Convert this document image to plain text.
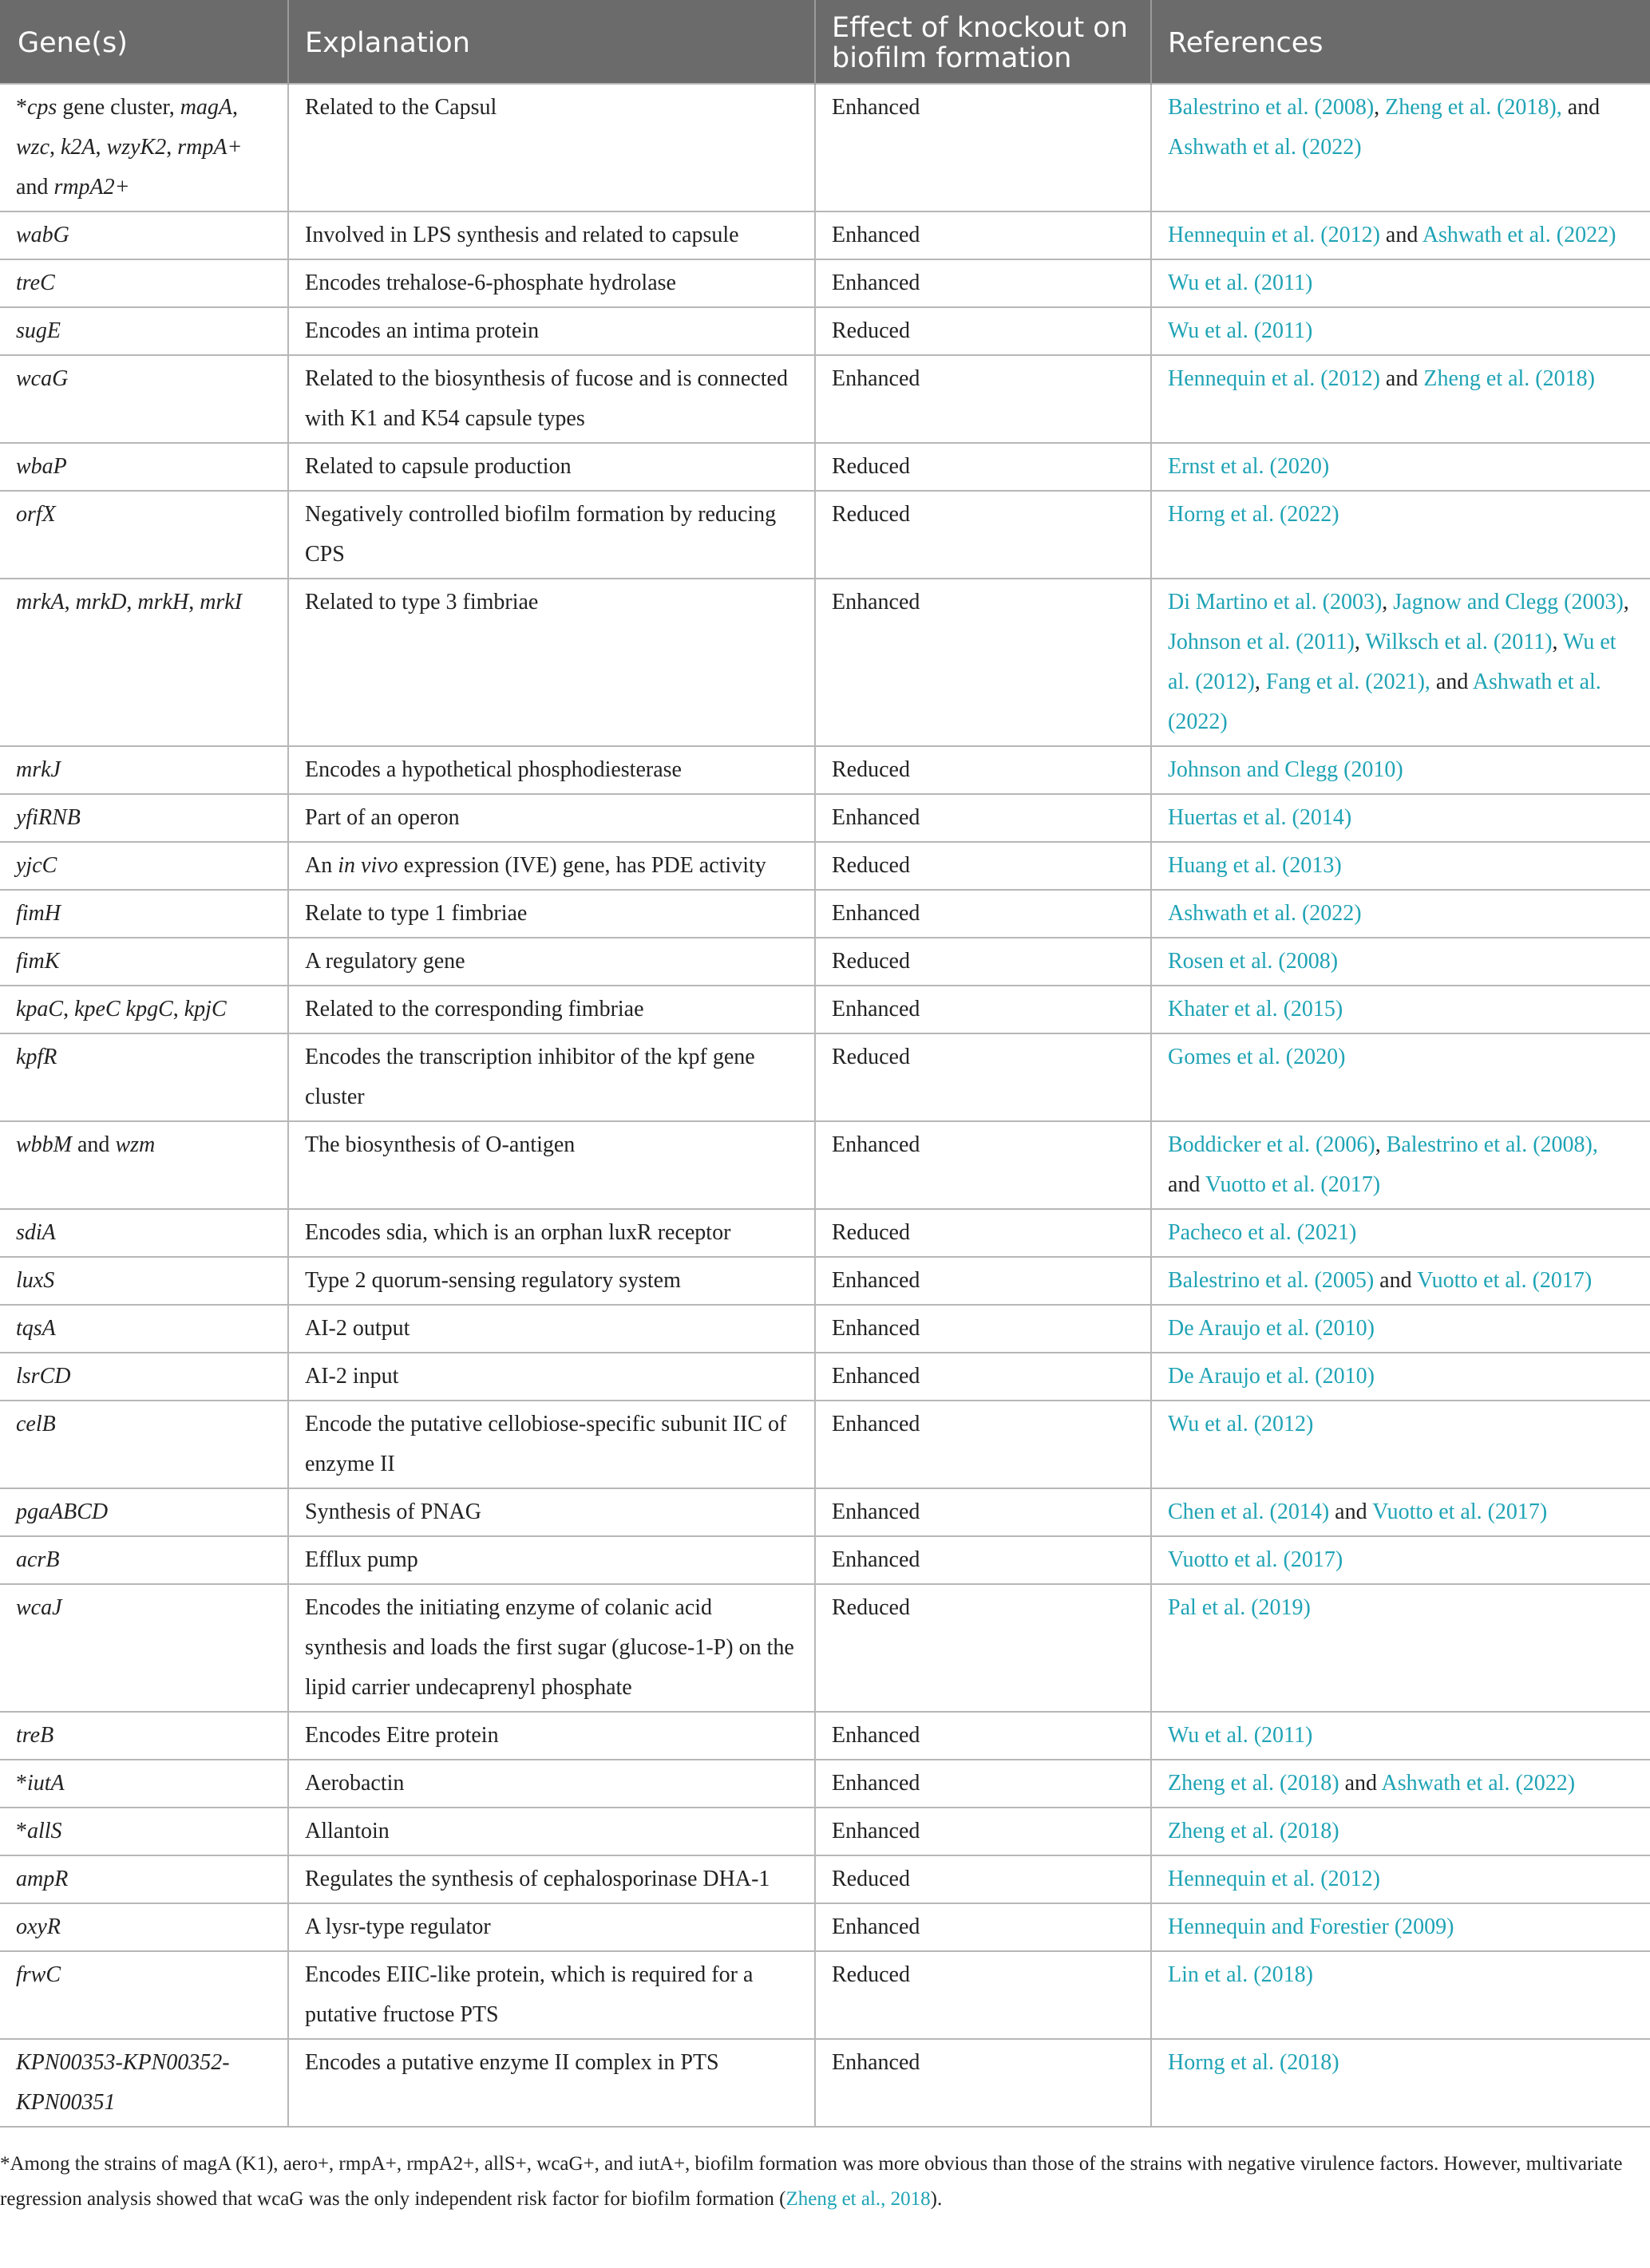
Gene(s)	Explanation	Effect of knockout on biofilm formation	References
*cps gene cluster, magA, wzc, k2A, wzyK2, rmpA+ and rmpA2+	Related to the Capsul	Enhanced	Balestrino et al. (2008), Zheng et al. (2018), and Ashwath et al. (2022)
wabG	Involved in LPS synthesis and related to capsule	Enhanced	Hennequin et al. (2012) and Ashwath et al. (2022)
treC	Encodes trehalose-6-phosphate hydrolase	Enhanced	Wu et al. (2011)
sugE	Encodes an intima protein	Reduced	Wu et al. (2011)
wcaG	Related to the biosynthesis of fucose and is connected with K1 and K54 capsule types	Enhanced	Hennequin et al. (2012) and Zheng et al. (2018)
wbaP	Related to capsule production	Reduced	Ernst et al. (2020)
orfX	Negatively controlled biofilm formation by reducing CPS	Reduced	Horng et al. (2022)
mrkA, mrkD, mrkH, mrkI	Related to type 3 fimbriae	Enhanced	Di Martino et al. (2003), Jagnow and Clegg (2003), Johnson et al. (2011), Wilksch et al. (2011), Wu et al. (2012), Fang et al. (2021), and Ashwath et al. (2022)
mrkJ	Encodes a hypothetical phosphodiesterase	Reduced	Johnson and Clegg (2010)
yfiRNB	Part of an operon	Enhanced	Huertas et al. (2014)
yjcC	An in vivo expression (IVE) gene, has PDE activity	Reduced	Huang et al. (2013)
fimH	Relate to type 1 fimbriae	Enhanced	Ashwath et al. (2022)
fimK	A regulatory gene	Reduced	Rosen et al. (2008)
kpaC, kpeC kpgC, kpjC	Related to the corresponding fimbriae	Enhanced	Khater et al. (2015)
kpfR	Encodes the transcription inhibitor of the kpf gene cluster	Reduced	Gomes et al. (2020)
wbbM and wzm	The biosynthesis of O-antigen	Enhanced	Boddicker et al. (2006), Balestrino et al. (2008), and Vuotto et al. (2017)
sdiA	Encodes sdia, which is an orphan luxR receptor	Reduced	Pacheco et al. (2021)
luxS	Type 2 quorum-sensing regulatory system	Enhanced	Balestrino et al. (2005) and Vuotto et al. (2017)
tqsA	AI-2 output	Enhanced	De Araujo et al. (2010)
lsrCD	AI-2 input	Enhanced	De Araujo et al. (2010)
celB	Encode the putative cellobiose-specific subunit IIC of enzyme II	Enhanced	Wu et al. (2012)
pgaABCD	Synthesis of PNAG	Enhanced	Chen et al. (2014) and Vuotto et al. (2017)
acrB	Efflux pump	Enhanced	Vuotto et al. (2017)
wcaJ	Encodes the initiating enzyme of colanic acid synthesis and loads the first sugar (glucose-1-P) on the lipid carrier undecaprenyl phosphate	Reduced	Pal et al. (2019)
treB	Encodes Eitre protein	Enhanced	Wu et al. (2011)
*iutA	Aerobactin	Enhanced	Zheng et al. (2018) and Ashwath et al. (2022)
*allS	Allantoin	Enhanced	Zheng et al. (2018)
ampR	Regulates the synthesis of cephalosporinase DHA-1	Reduced	Hennequin et al. (2012)
oxyR	A lysr-type regulator	Enhanced	Hennequin and Forestier (2009)
frwC	Encodes EIIC-like protein, which is required for a putative fructose PTS	Reduced	Lin et al. (2018)
KPN00353-KPN00352-KPN00351	Encodes a putative enzyme II complex in PTS	Enhanced	Horng et al. (2018)
*Among the strains of magA (K1), aero+, rmpA+, rmpA2+, allS+, wcaG+, and iutA+, biofilm formation was more obvious than those of the strains with negative virulence factors. However, multivariate regression analysis showed that wcaG was the only independent risk factor for biofilm formation (Zheng et al., 2018).
